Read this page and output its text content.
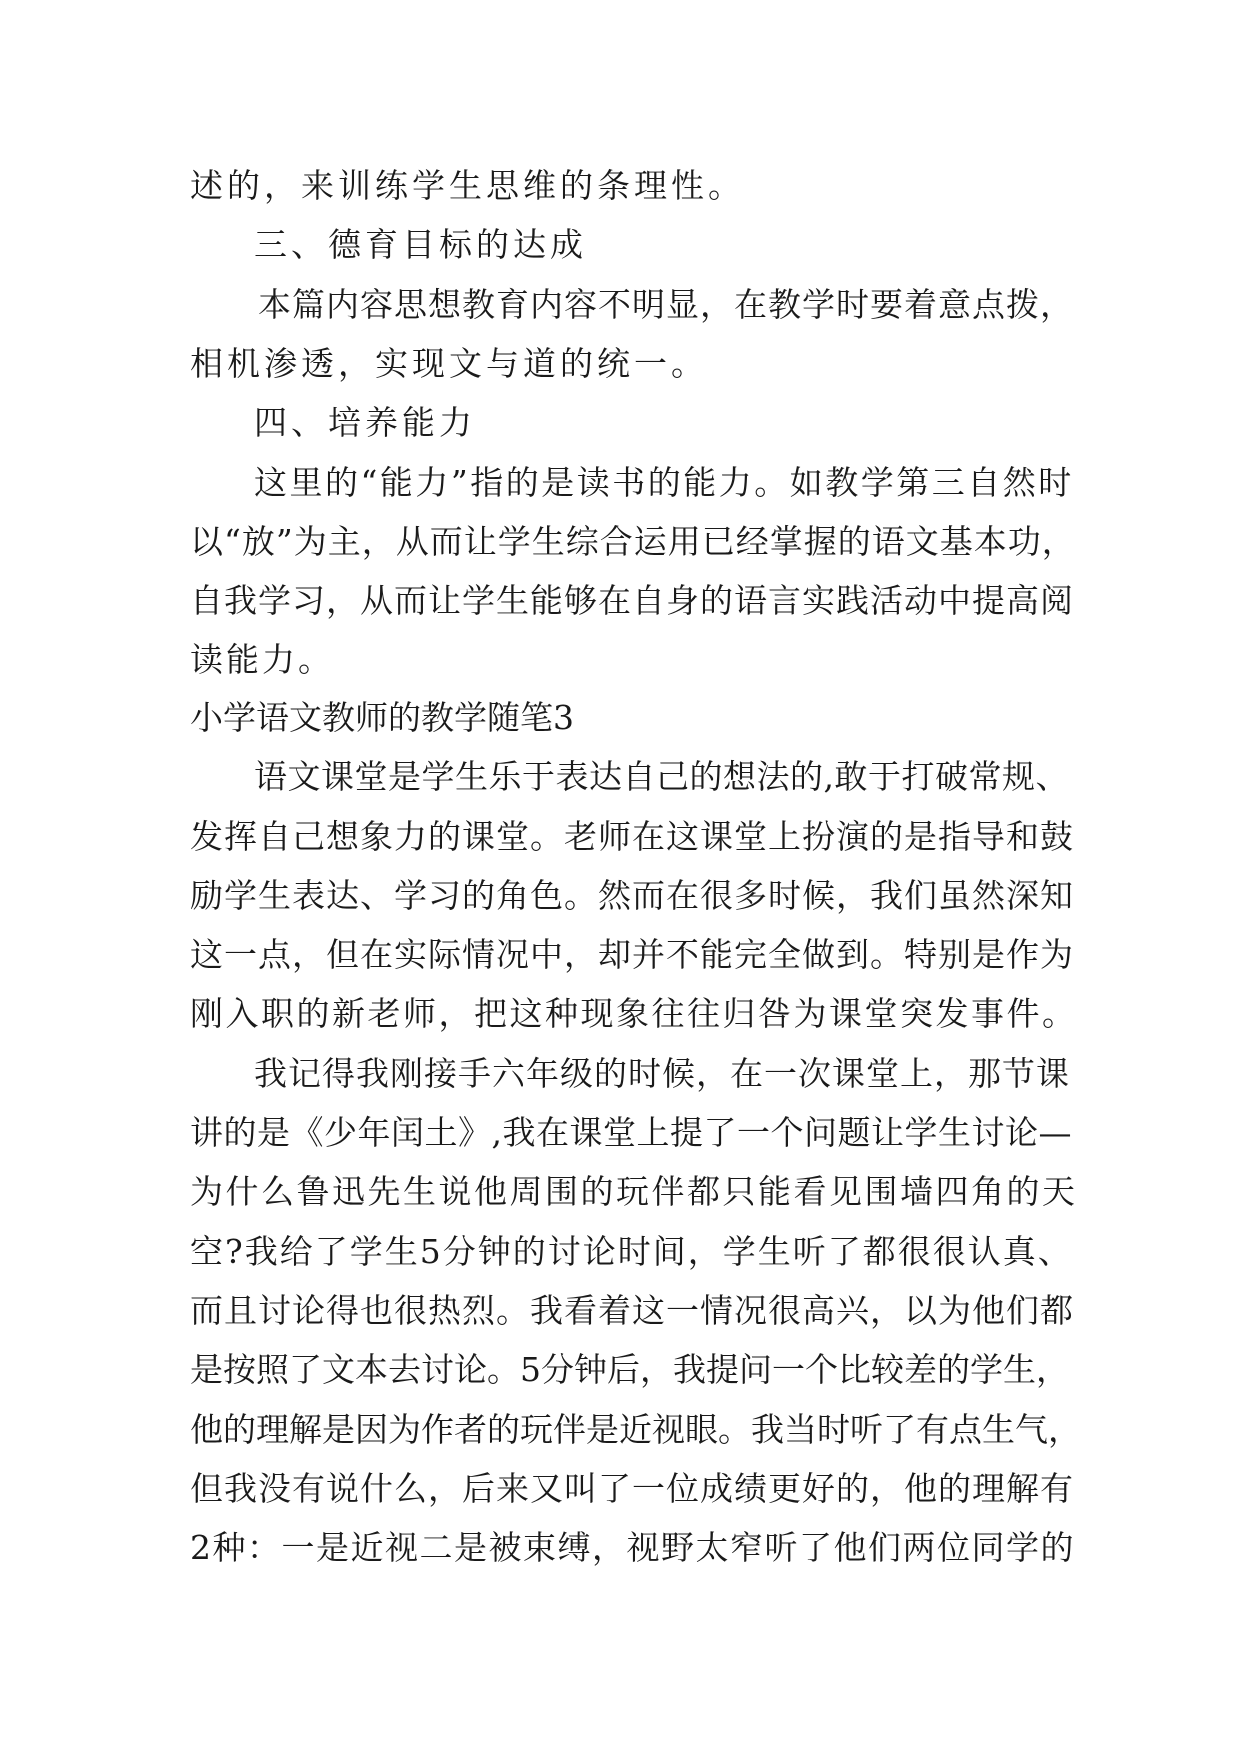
述的，来训练学生思维的条理性。
三、德育目标的达成
本篇内容思想教育内容不明显，在教学时要着意点拨，
相机渗透，实现文与道的统一。
四、培养能力
这里的“能力”指的是读书的能力。如教学第三自然时
以“放”为主，从而让学生综合运用已经掌握的语文基本功，
自我学习，从而让学生能够在自身的语言实践活动中提高阅
读能力。
小学语文教师的教学随笔3
语文课堂是学生乐于表达自己的想法的,敢于打破常规、
发挥自己想象力的课堂。老师在这课堂上扮演的是指导和鼓
励学生表达、学习的角色。然而在很多时候，我们虽然深知
这一点，但在实际情况中，却并不能完全做到。特别是作为
刚入职的新老师，把这种现象往往归咎为课堂突发事件。
我记得我刚接手六年级的时候，在一次课堂上，那节课
讲的是《少年闰土》,我在课堂上提了一个问题让学生讨论—
为什么鲁迅先生说他周围的玩伴都只能看见围墙四角的天
空?我给了学生5分钟的讨论时间，学生听了都很很认真、
而且讨论得也很热烈。我看着这一情况很高兴，以为他们都
是按照了文本去讨论。5分钟后，我提问一个比较差的学生，
他的理解是因为作者的玩伴是近视眼。我当时听了有点生气，
但我没有说什么，后来又叫了一位成绩更好的，他的理解有
2种：一是近视二是被束缚，视野太窄听了他们两位同学的
